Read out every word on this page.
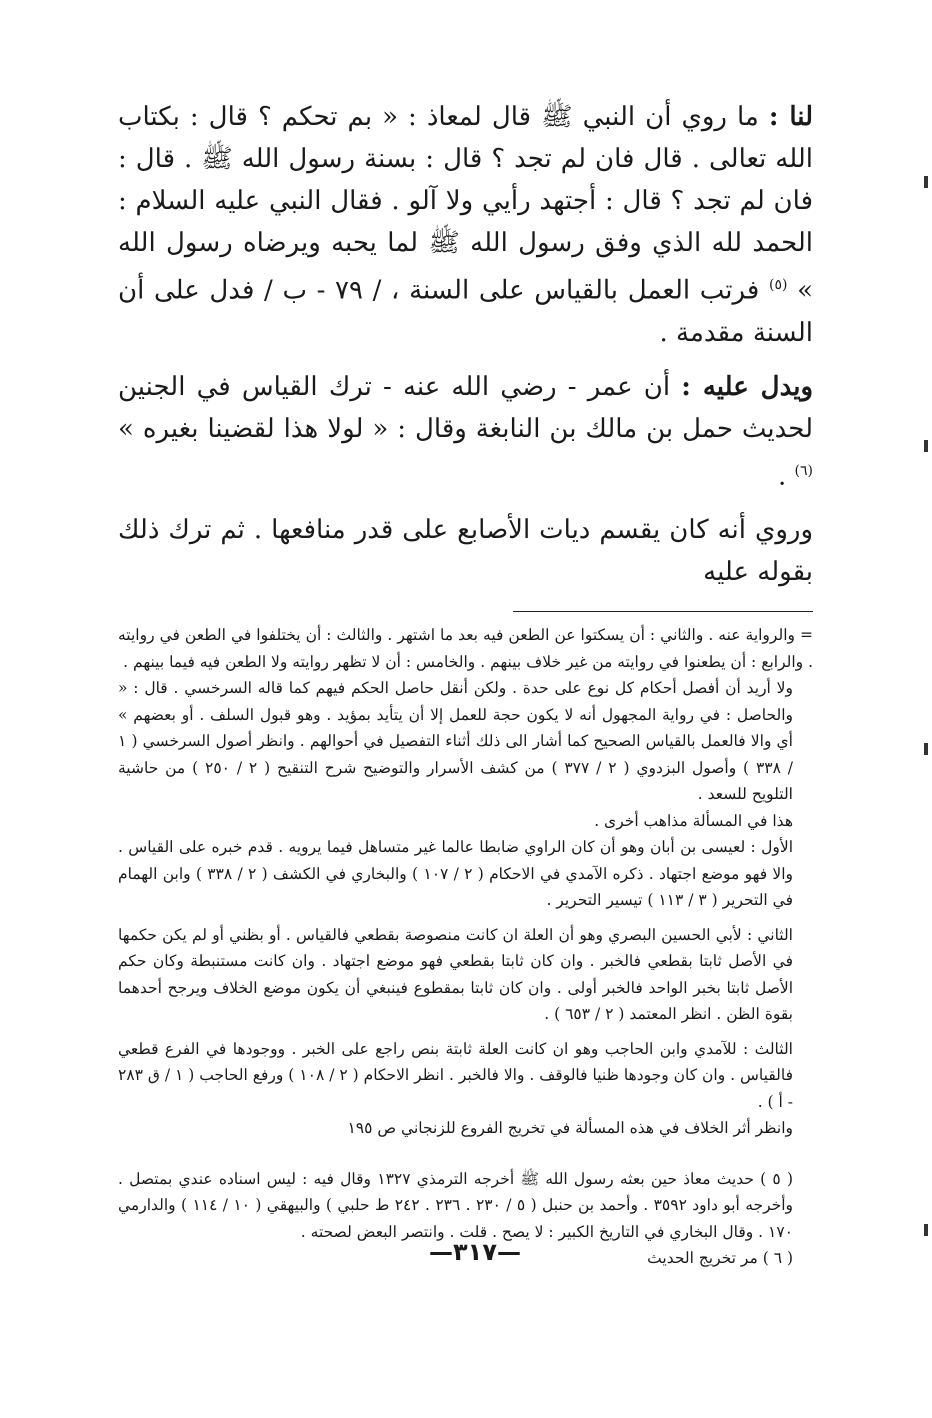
لنا : ما روي أن النبي ﷺ قال لمعاذ : « بم تحكم ؟ قال : بكتاب الله تعالى . قال فان لم تجد ؟ قال : بسنة رسول الله ﷺ . قال : فان لم تجد ؟ قال : أجتهد رأيي ولا آلو . فقال النبي عليه السلام : الحمد لله الذي وفق رسول الله ﷺ لما يحبه ويرضاه رسول الله » $^{(٥)}$ فرتب العمل بالقياس على السنة ، / ٧٩ - ب / فدل على أن السنة مقدمة .

ويدل عليه : أن عمر - رضي الله عنه - ترك القياس في الجنين لحديث حمل بن مالك بن النابغة وقال : « لولا هذا لقضينا بغيره » $^{(٦)}$ .

وروي أنه كان يقسم ديات الأصابع على قدر منافعها . ثم ترك ذلك بقوله عليه

= والرواية عنه . والثاني : أن يسكتوا عن الطعن فيه بعد ما اشتهر . والثالث : أن يختلفوا في الطعن في روايته . والرابع : أن يطعنوا في روايته من غير خلاف بينهم . والخامس : أن لا تظهر روايته ولا الطعن فيه فيما بينهم .

ولا أريد أن أفصل أحكام كل نوع على حدة . ولكن أنقل حاصل الحكم فيهم كما قاله السرخسي . قال : « والحاصل : في رواية المجهول أنه لا يكون حجة للعمل إلا أن يتأيد بمؤيد . وهو قبول السلف . أو بعضهم » أي والا فالعمل بالقياس الصحيح كما أشار الى ذلك أثناء التفصيل في أحوالهم . وانظر أصول السرخسي ( ١ / ٣٣٨ ) وأصول البزدوي ( ٢ / ٣٧٧ ) من كشف الأسرار والتوضيح شرح التنقيح ( ٢ / ٢٥٠ ) من حاشية التلويح للسعد .

هذا في المسألة مذاهب أخرى .

الأول : لعيسى بن أبان وهو أن كان الراوي ضابطا عالما غير متساهل فيما يرويه . قدم خبره على القياس . والا فهو موضع اجتهاد . ذكره الآمدي في الاحكام ( ٢ / ١٠٧ ) والبخاري في الكشف ( ٢ / ٣٣٨ ) وابن الهمام في التحرير ( ٣ / ١١٣ ) تيسير التحرير .

الثاني : لأبي الحسين البصري وهو أن العلة ان كانت منصوصة بقطعي فالقياس . أو بظني أو لم يكن حكمها في الأصل ثابتا بقطعي فالخبر . وان كان ثابتا بقطعي فهو موضع اجتهاد . وان كانت مستنبطة وكان حكم الأصل ثابتا بخبر الواحد فالخبر أولى . وان كان ثابتا بمقطوع فينبغي أن يكون موضع الخلاف ويرجح أحدهما بقوة الظن . انظر المعتمد ( ٢ / ٦٥٣ ) .

الثالث : للآمدي وابن الحاجب وهو ان كانت العلة ثابتة بنص راجع على الخبر . ووجودها في الفرع قطعي فالقياس . وان كان وجودها ظنيا فالوقف . والا فالخبر . انظر الاحكام ( ٢ / ١٠٨ ) ورفع الحاجب ( ١ / ق ٢٨٣ - أ ) .

وانظر أثر الخلاف في هذه المسألة في تخريج الفروع للزنجاني ص ١٩٥

( ٥ ) حديث معاذ حين بعثه رسول الله ﷺ أخرجه الترمذي ١٣٢٧ وقال فيه : ليس اسناده عندي بمتصل . وأخرجه أبو داود ٣٥٩٢ . وأحمد بن حنبل ( ٥ / ٢٣٠ . ٢٣٦ . ٢٤٢ ط حلبي ) والبيهقي ( ١٠ / ١١٤ ) والدارمي ١٧٠ . وقال البخاري في التاريخ الكبير : لا يصح . قلت . وانتصر البعض لصحته .

( ٦ ) مر تخريج الحديث

—٣١٧—
